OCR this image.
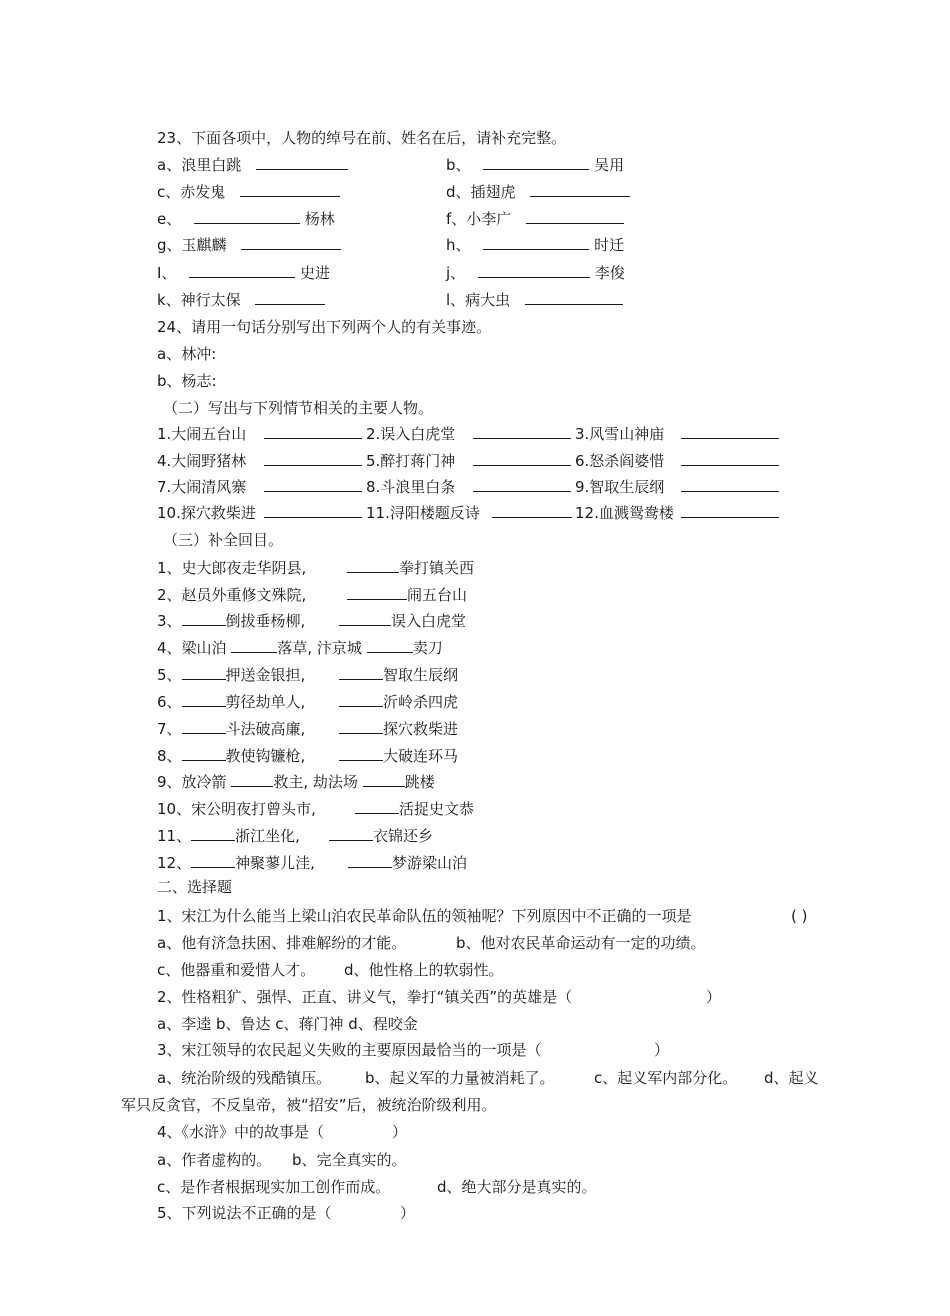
23、下面各项中，人物的绰号在前、姓名在后，请补充完整。
a、浪里白跳	b、	吴用
c、赤发鬼	d、插翅虎
e、	杨林	f、小李广
g、玉麒麟	h、	时迁
I、	史进	j、	李俊
k、神行太保	l、病大虫
24、请用一句话分别写出下列两个人的有关事迹。
a、林冲:
b、杨志:
（二）写出与下列情节相关的主要人物。
1.大闹五台山	2.误入白虎堂	3.风雪山神庙
4.大闹野猪林	5.醉打蒋门神	6.怒杀阎婆惜
7.大闹清风寨	8.斗浪里白条	9.智取生辰纲
10.探穴救柴进	11.浔阳楼题反诗	12.血溅鸳鸯楼
（三）补全回目。
1、史大郎夜走华阴县,	拳打镇关西
2、赵员外重修文殊院,	闹五台山
3、	倒拔垂杨柳,	误入白虎堂
4、梁山泊	落草, 汴京城	卖刀
5、	押送金银担,	智取生辰纲
6、	剪径劫单人,	沂岭杀四虎
7、	斗法破高廉,	探穴救柴进
8、	教使钩镰枪,	大破连环马
9、放冷箭	救主, 劫法场	跳楼
10、宋公明夜打曾头市,	活捉史文恭
11、	浙江坐化,	衣锦还乡
12、	神聚蓼儿洼,	梦游梁山泊
二、选择题
1、宋江为什么能当上梁山泊农民革命队伍的领袖呢？下列原因中不正确的一项是	( )
a、他有济急扶困、排难解纷的才能。	b、他对农民革命运动有一定的功绩。
c、他器重和爱惜人才。 d、他性格上的软弱性。
2、性格粗犷、强悍、正直、讲义气，拳打“镇关西”的英雄是（	）
a、李逵 b、鲁达 c、蒋门神 d、程咬金
3、宋江领导的农民起义失败的主要原因最恰当的一项是（	）
a、统治阶级的残酷镇压。 b、起义军的力量被消耗了。	c、起义军内部分化。 d、起义
军只反贪官，不反皇帝，被“招安”后，被统治阶级利用。
4、《水浒》中的故事是（	）
a、作者虚构的。 b、完全真实的。
c、是作者根据现实加工创作而成。	d、绝大部分是真实的。
5、下列说法不正确的是（	）
